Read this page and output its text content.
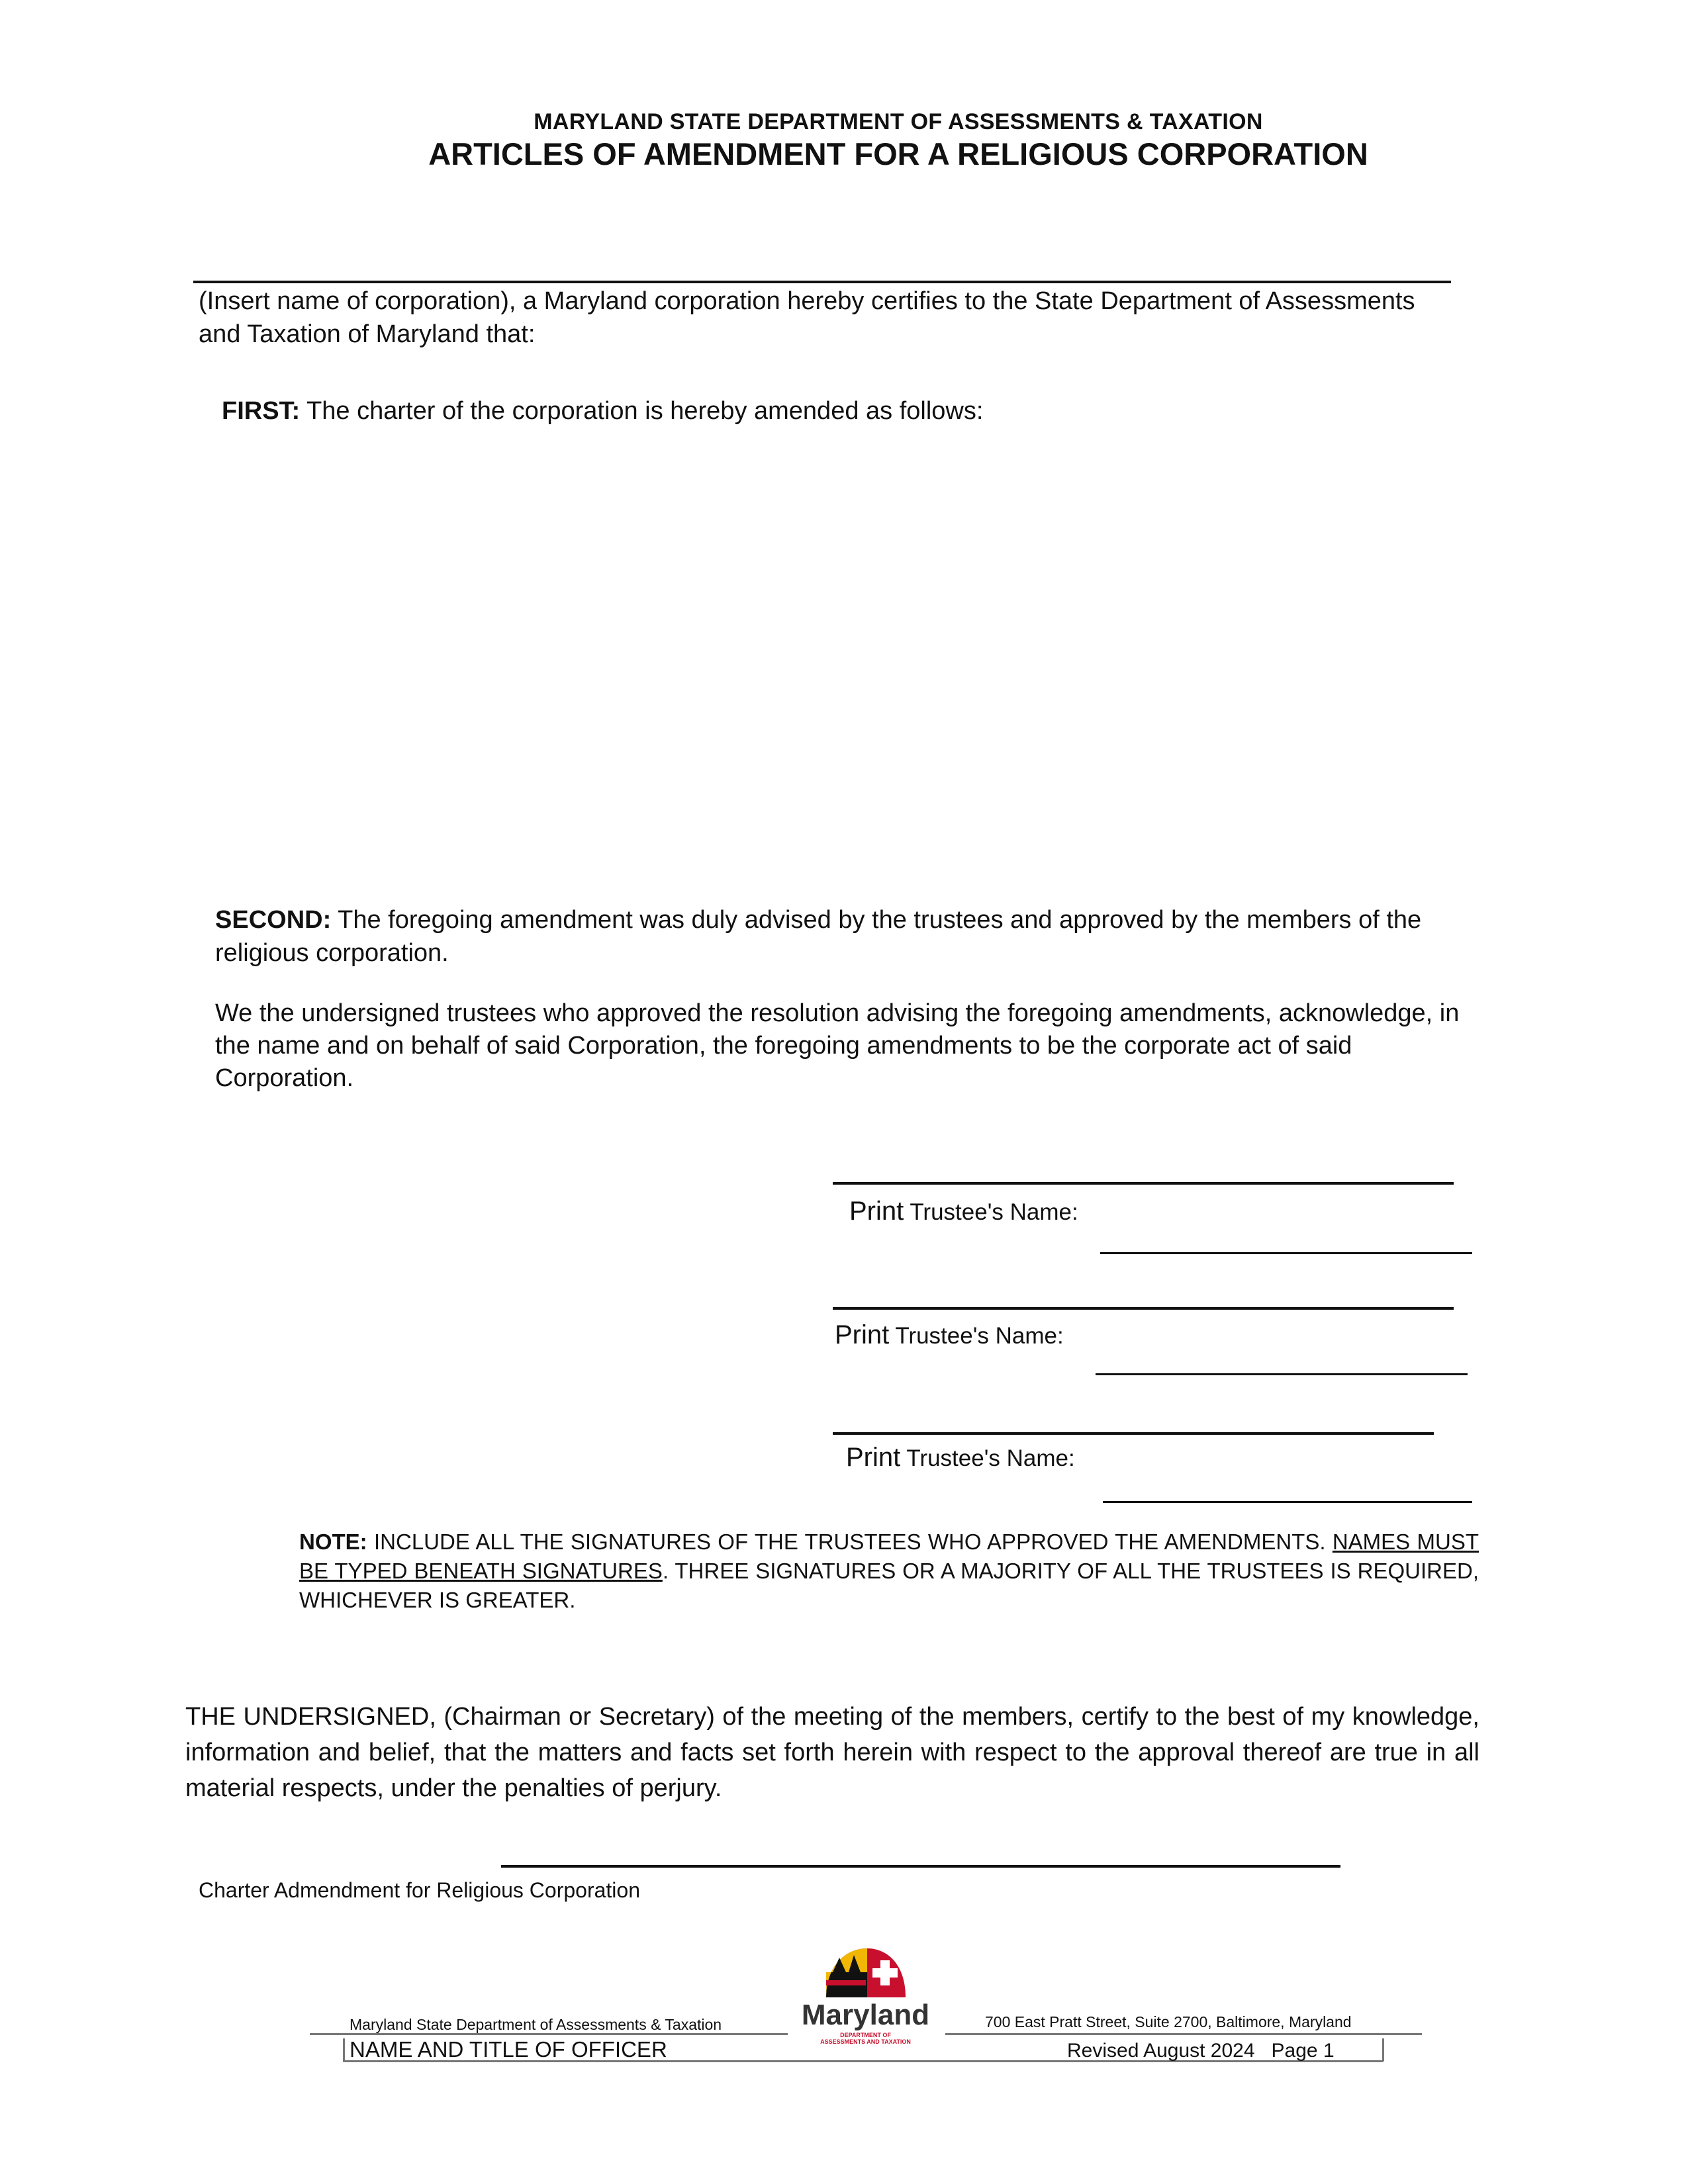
MARYLAND STATE DEPARTMENT OF ASSESSMENTS & TAXATION
ARTICLES OF AMENDMENT FOR A RELIGIOUS CORPORATION
(Insert name of corporation), a Maryland corporation hereby certifies to the State Department of Assessments and Taxation of Maryland that:
FIRST: The charter of the corporation is hereby amended as follows:
SECOND: The foregoing amendment was duly advised by the trustees and approved by the members of the religious corporation.
We the undersigned trustees who approved the resolution advising the foregoing amendments, acknowledge, in the name and on behalf of said Corporation, the foregoing amendments to be the corporate act of said Corporation.
Print Trustee's Name:
Print Trustee's Name:
Print Trustee's Name:
NOTE: INCLUDE ALL THE SIGNATURES OF THE TRUSTEES WHO APPROVED THE AMENDMENTS. NAMES MUST BE TYPED BENEATH SIGNATURES. THREE SIGNATURES OR A MAJORITY OF ALL THE TRUSTEES IS REQUIRED, WHICHEVER IS GREATER.
THE UNDERSIGNED, (Chairman or Secretary) of the meeting of the members, certify to the best of my knowledge, information and belief, that the matters and facts set forth herein with respect to the approval thereof are true in all material respects, under the penalties of perjury.
Charter Admendment for Religious Corporation
Maryland
DEPARTMENT OF
ASSESSMENTS AND TAXATION
Maryland State Department of Assessments & Taxation	700 East Pratt Street, Suite 2700, Baltimore, Maryland
NAME AND TITLE OF OFFICER	Revised August 2024   Page 1
